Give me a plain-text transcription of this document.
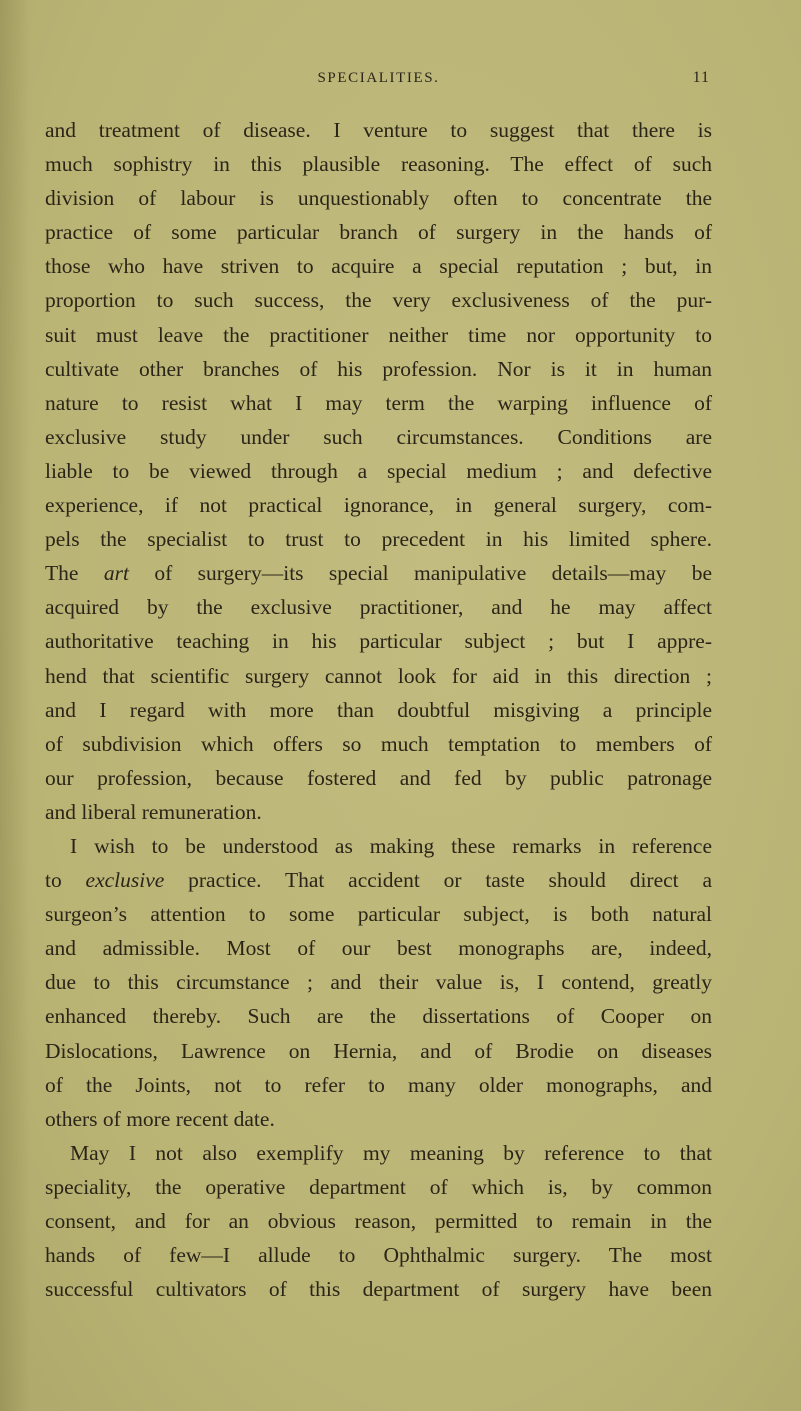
SPECIALITIES.	11
and treatment of disease. I venture to suggest that there is
much sophistry in this plausible reasoning. The effect of such
division of labour is unquestionably often to concentrate the
practice of some particular branch of surgery in the hands of
those who have striven to acquire a special reputation ; but, in
proportion to such success, the very exclusiveness of the pur-
suit must leave the practitioner neither time nor opportunity to
cultivate other branches of his profession. Nor is it in human
nature to resist what I may term the warping influence of
exclusive study under such circumstances. Conditions are
liable to be viewed through a special medium ; and defective
experience, if not practical ignorance, in general surgery, com-
pels the specialist to trust to precedent in his limited sphere.
The art of surgery—its special manipulative details—may be
acquired by the exclusive practitioner, and he may affect
authoritative teaching in his particular subject ; but I appre-
hend that scientific surgery cannot look for aid in this direction ;
and I regard with more than doubtful misgiving a principle
of subdivision which offers so much temptation to members of
our profession, because fostered and fed by public patronage
and liberal remuneration.
I wish to be understood as making these remarks in reference
to exclusive practice. That accident or taste should direct a
surgeon’s attention to some particular subject, is both natural
and admissible. Most of our best monographs are, indeed,
due to this circumstance ; and their value is, I contend, greatly
enhanced thereby. Such are the dissertations of Cooper on
Dislocations, Lawrence on Hernia, and of Brodie on diseases
of the Joints, not to refer to many older monographs, and
others of more recent date.
May I not also exemplify my meaning by reference to that
speciality, the operative department of which is, by common
consent, and for an obvious reason, permitted to remain in the
hands of few—I allude to Ophthalmic surgery. The most
successful cultivators of this department of surgery have been
